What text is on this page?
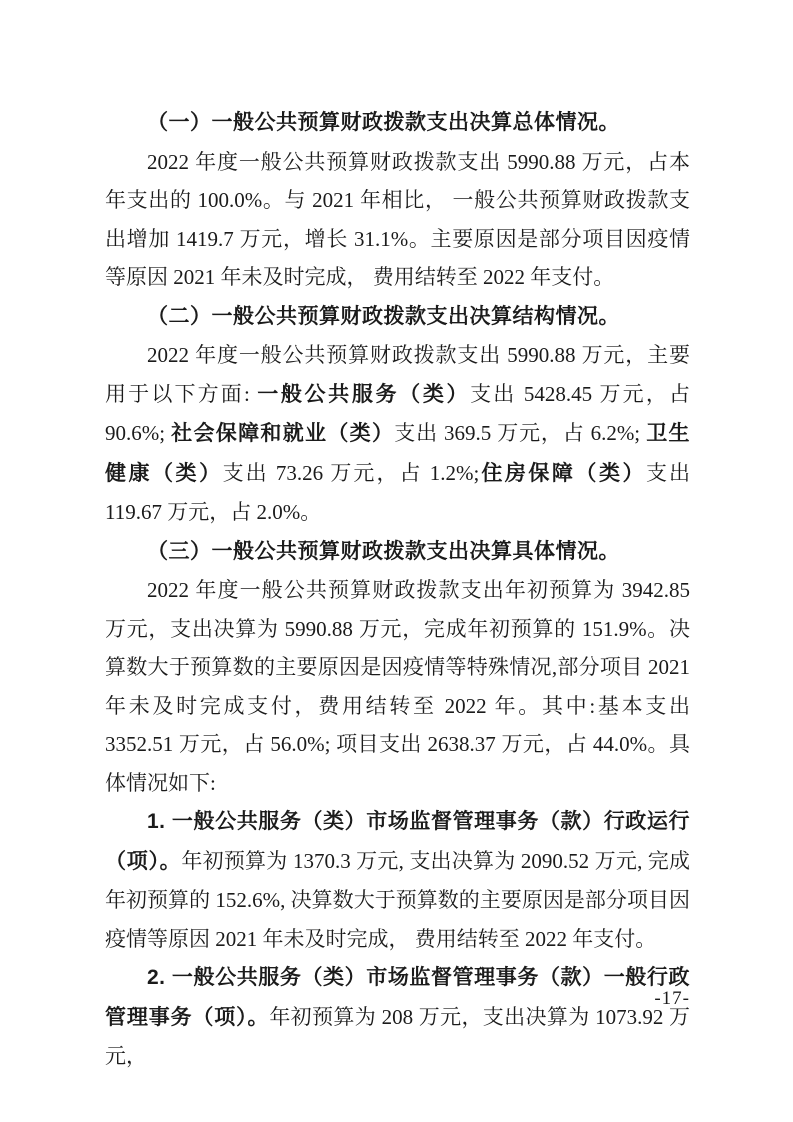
（一）一般公共预算财政拨款支出决算总体情况。

2022 年度一般公共预算财政拨款支出 5990.88 万元，占本年支出的 100.0%。与 2021 年相比， 一般公共预算财政拨款支出增加 1419.7 万元，增长 31.1%。主要原因是部分项目因疫情等原因 2021 年未及时完成， 费用结转至 2022 年支付。

（二）一般公共预算财政拨款支出决算结构情况。

2022 年度一般公共预算财政拨款支出 5990.88 万元，主要用于以下方面: 一般公共服务（类）支出 5428.45 万元，占 90.6%; 社会保障和就业（类）支出 369.5 万元，占 6.2%; 卫生健康（类）支出 73.26 万元，占 1.2%;住房保障（类）支出 119.67 万元，占 2.0%。

（三）一般公共预算财政拨款支出决算具体情况。

2022 年度一般公共预算财政拨款支出年初预算为 3942.85 万元，支出决算为 5990.88 万元，完成年初预算的 151.9%。决算数大于预算数的主要原因是因疫情等特殊情况,部分项目 2021 年未及时完成支付，费用结转至 2022 年。其中:基本支出 3352.51 万元，占 56.0%; 项目支出 2638.37 万元，占 44.0%。具体情况如下:

1. 一般公共服务（类）市场监督管理事务（款）行政运行（项）。年初预算为 1370.3 万元, 支出决算为 2090.52 万元, 完成年初预算的 152.6%, 决算数大于预算数的主要原因是部分项目因疫情等原因 2021 年未及时完成， 费用结转至 2022 年支付。

2. 一般公共服务（类）市场监督管理事务（款）一般行政管理事务（项）。年初预算为 208 万元，支出决算为 1073.92 万元，

-17-
